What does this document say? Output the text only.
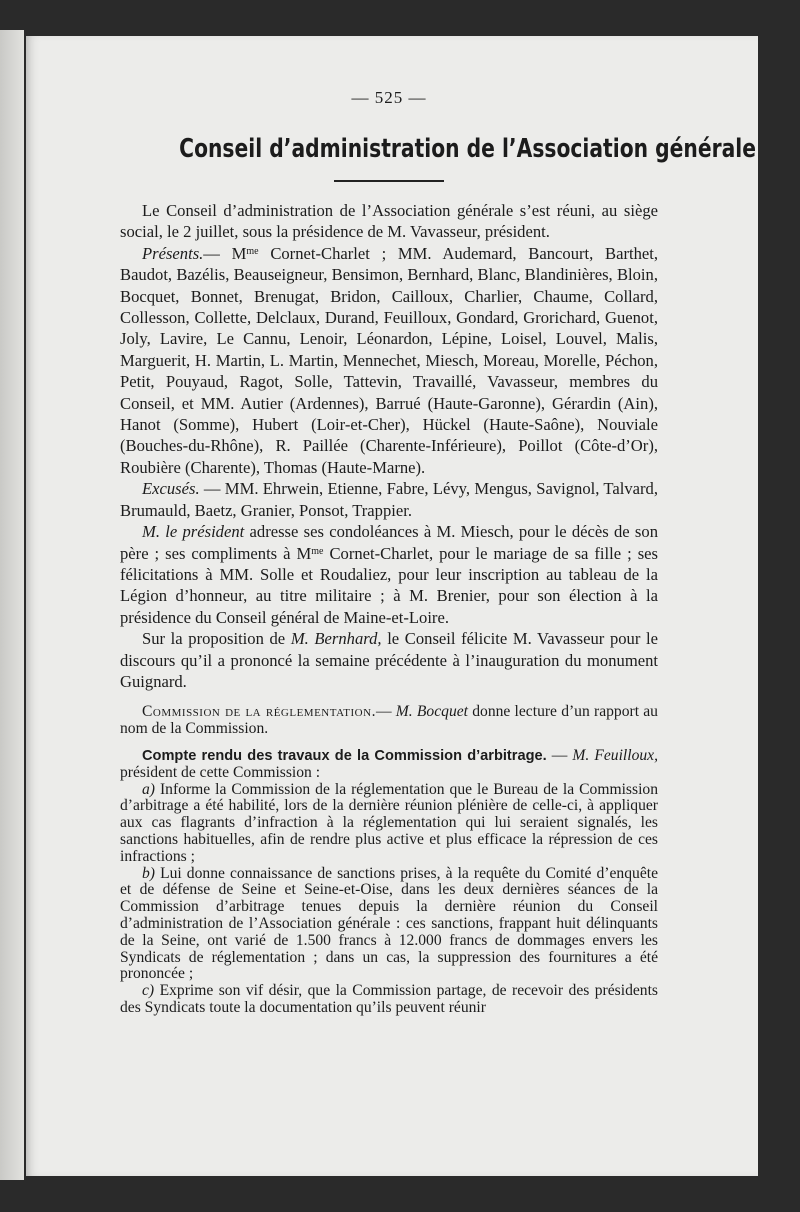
— 525 —

Conseil d’administration de l’Association générale

Le Conseil d’administration de l’Association générale s’est réuni, au siège social, le 2 juillet, sous la présidence de M. Vavasseur, président.

Présents.— $M^{me}$ Cornet-Charlet ; MM. Audemard, Bancourt, Barthet, Baudot, Bazélis, Beauseigneur, Bensimon, Bernhard, Blanc, Blandinières, Bloin, Bocquet, Bonnet, Brenugat, Bridon, Cailloux, Charlier, Chaume, Collard, Collesson, Collette, Delclaux, Durand, Feuilloux, Gondard, Grorichard, Guenot, Joly, Lavire, Le Cannu, Lenoir, Léonardon, Lépine, Loisel, Louvel, Malis, Marguerit, H. Martin, L. Martin, Mennechet, Miesch, Moreau, Morelle, Péchon, Petit, Pouyaud, Ragot, Solle, Tattevin, Travaillé, Vavasseur, membres du Conseil, et MM. Autier (Ardennes), Barrué (Haute-Garonne), Gérardin (Ain), Hanot (Somme), Hubert (Loir-et-Cher), Hückel (Haute-Saône), Nouviale (Bouches-du-Rhône), R. Paillée (Charente-Inférieure), Poillot (Côte-d’Or), Roubière (Charente), Thomas (Haute-Marne).

Excusés. — MM. Ehrwein, Etienne, Fabre, Lévy, Mengus, Savignol, Talvard, Brumauld, Baetz, Granier, Ponsot, Trappier.

M. le président adresse ses condoléances à M. Miesch, pour le décès de son père ; ses compliments à $M^{me}$ Cornet-Charlet, pour le mariage de sa fille ; ses félicitations à MM. Solle et Roudaliez, pour leur inscription au tableau de la Légion d’honneur, au titre militaire ; à M. Brenier, pour son élection à la présidence du Conseil général de Maine-et-Loire.

Sur la proposition de M. Bernhard, le Conseil félicite M. Vavasseur pour le discours qu’il a prononcé la semaine précédente à l’inauguration du monument Guignard.

Commission de la réglementation.— M. Bocquet donne lecture d’un rapport au nom de la Commission.

Compte rendu des travaux de la Commission d’arbitrage. — M. Feuilloux, président de cette Commission :

a) Informe la Commission de la réglementation que le Bureau de la Commission d’arbitrage a été habilité, lors de la dernière réunion plénière de celle-ci, à appliquer aux cas flagrants d’infraction à la réglementation qui lui seraient signalés, les sanctions habituelles, afin de rendre plus active et plus efficace la répression de ces infractions ;

b) Lui donne connaissance de sanctions prises, à la requête du Comité d’enquête et de défense de Seine et Seine-et-Oise, dans les deux dernières séances de la Commission d’arbitrage tenues depuis la dernière réunion du Conseil d’administration de l’Association générale : ces sanctions, frappant huit délinquants de la Seine, ont varié de 1.500 francs à 12.000 francs de dommages envers les Syndicats de réglementation ; dans un cas, la suppression des fournitures a été prononcée ;

c) Exprime son vif désir, que la Commission partage, de recevoir des présidents des Syndicats toute la documentation qu’ils peuvent réunir
